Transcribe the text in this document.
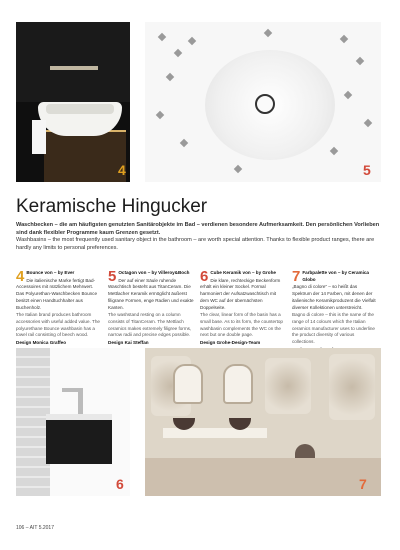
4	5
Keramische Hingucker

Waschbecken – die am häufigsten genutzten Sanitärobjekte im Bad – verdienen besondere Aufmerksamkeit. Den persönlichen Vorlieben sind dank flexibler Programme kaum Grenzen gesetzt.

Washbasins – the most frequently used sanitary object in the bathroom – are worth special attention. Thanks to flexible product ranges, there are hardly any limits to personal preferences.

4 Bounce von – by Ever

Die italienische Marke fertigt Bad-Accessoires mit nützlichem Mehrwert. Das Polyurethan-Waschbecken Bounce besitzt einen Handtuchhalter aus Buchenholz.

The Italian brand produces bathroom accessories with useful added value. The polyurethane Bounce washbasin has a towel rail consisting of beech wood.

Design Monica Graffeo

5 Octagon von – by Villeroy&Boch

Der auf einer Säule ruhende Waschtisch besteht aus TitanCeram. Die Mettlacher Keramik ermöglicht äußerst filigrane Formen, enge Radien und exakte Kanten.

The washstand resting on a column consists of TitanCeram. The Mettlach ceramics makes extremely filigree forms, narrow radii and precise edges possible.

Design Kai Steffan

6 Cube Keramik von – by Grohe

Die klare, rechteckige Beckenform erhält ein kleiner Sockel. Formal harmoniert der Aufsatzwaschtisch mit dem WC auf der übernächsten Doppelseite.

The clear, linear form of the basin has a small base. As to its form, the countertop washbasin complements the WC on the next but one double page.

Design Grohe-Design-Team

7 Farbpalette von – by Ceramica Globo

„Bagno di colore“ – so heißt das Spektrum der 14 Farben, mit denen der italienische Keramikproduzent die Vielfalt diverser Kollektionen unterstreicht.

Bagno di colore – this is the name of the range of 14 colours which the Italian ceramics manufacturer uses to underline the product diversity of various collections.

6	7
106 – AIT 5.2017
